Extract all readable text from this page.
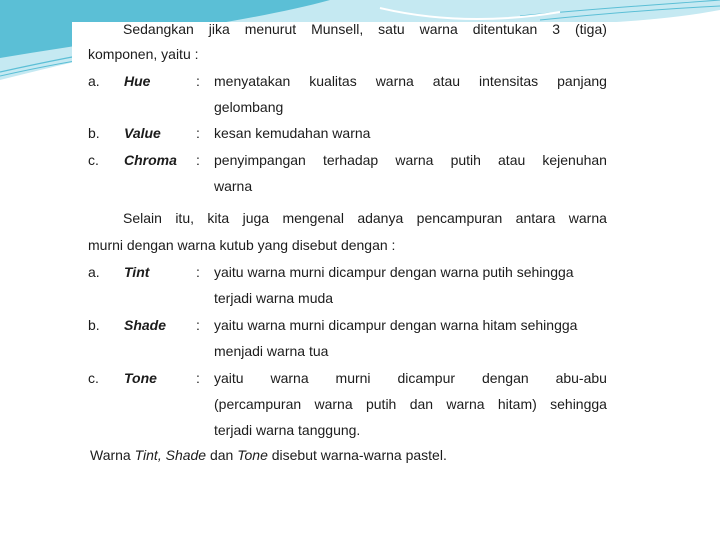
Sedangkan jika menurut Munsell, satu warna ditentukan 3 (tiga)
komponen, yaitu :
a. Hue	: menyatakan kualitas warna atau intensitas panjang
gelombang
b. Value	: kesan kemudahan warna
c. Chroma : penyimpangan terhadap warna putih atau kejenuhan
warna
Selain itu, kita juga mengenal adanya pencampuran antara warna
murni dengan warna kutub yang disebut dengan :
a. Tint	: yaitu warna murni dicampur dengan warna putih sehingga
terjadi warna muda
b. Shade : yaitu warna murni dicampur dengan warna hitam sehingga
menjadi warna tua
c. Tone	: yaitu warna murni dicampur dengan abu-abu
(percampuran warna putih dan warna hitam) sehingga
terjadi warna tanggung.
Warna Tint, Shade dan Tone disebut warna-warna pastel.
